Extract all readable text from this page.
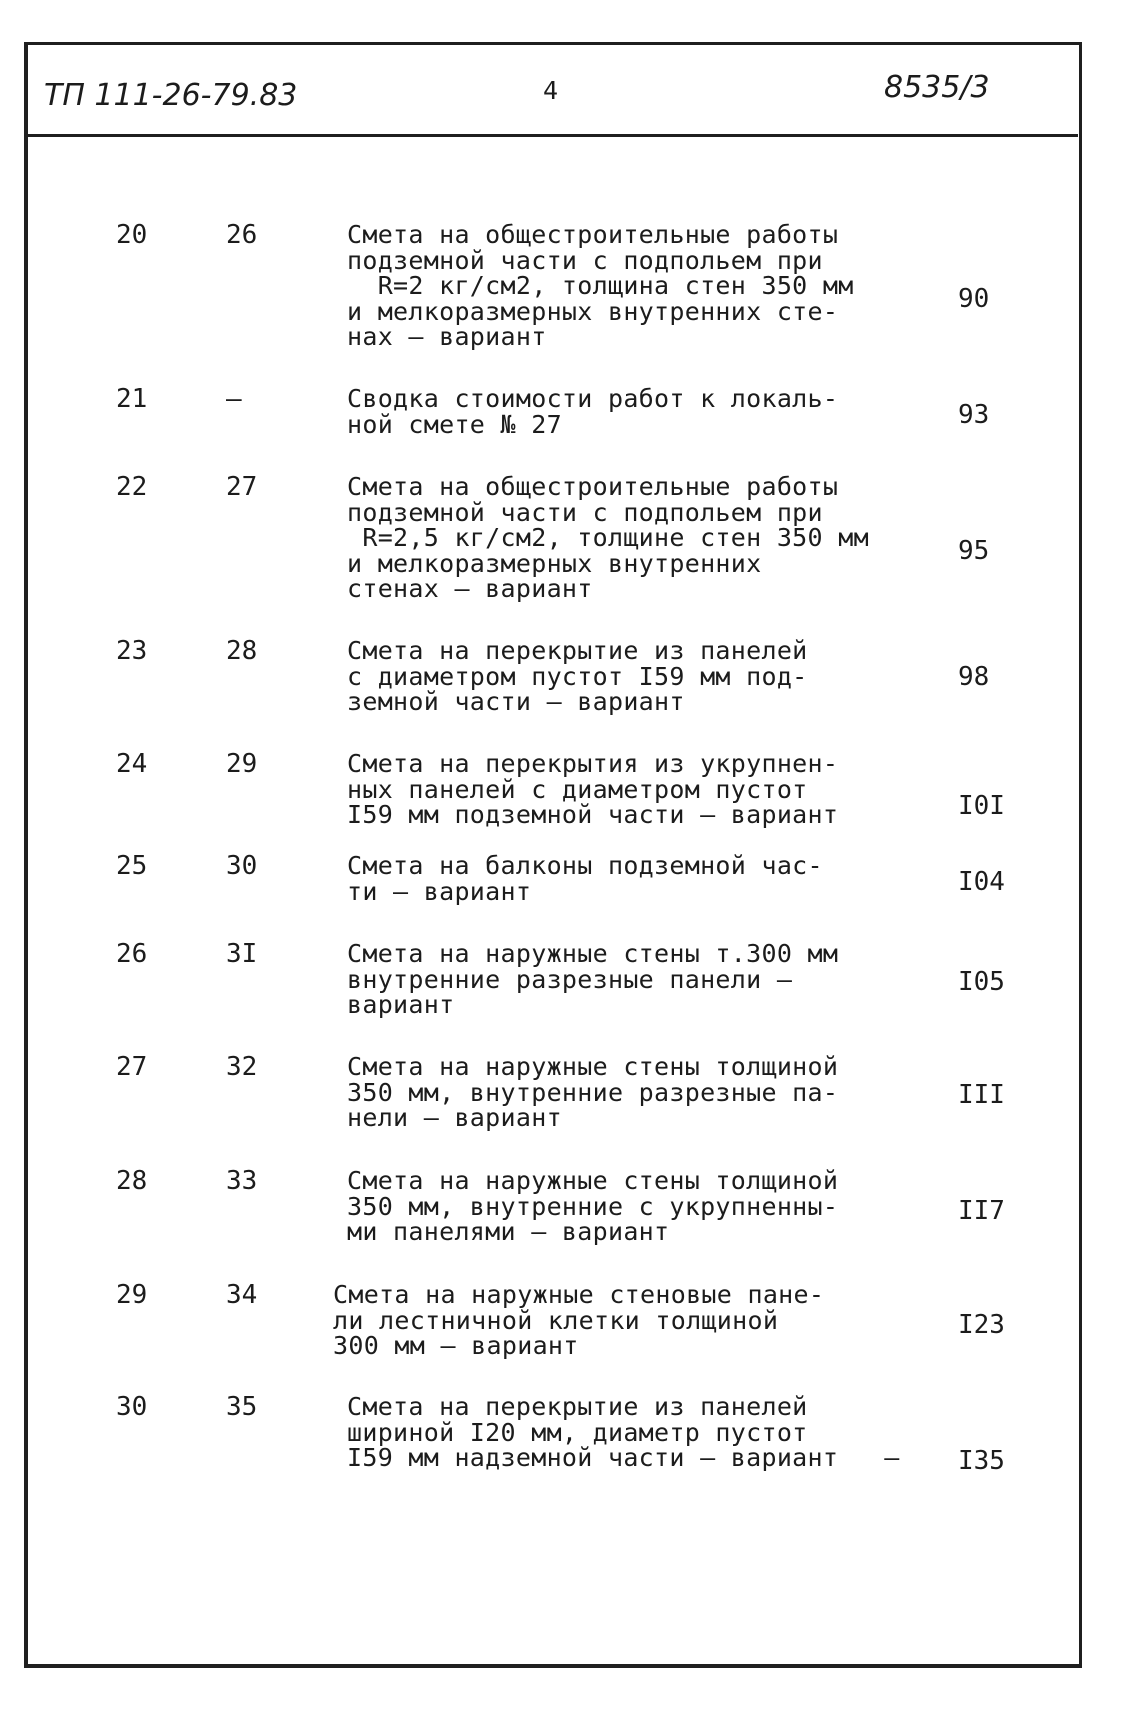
ТП 111-26-79.83	4	8535/3
20	26	Смета на общестроительные работы
подземной части с подпольем при
R=2 кг/см2, толщина стен 350 мм
и мелкоразмерных внутренних сте-
нах – вариант
90
21	–	Сводка стоимости работ к локаль-
ной смете № 27	93
22	27	Смета на общестроительные работы
подземной части с подпольем при
R=2,5 кг/см2, толщине стен 350 мм
и мелкоразмерных внутренних
стенах – вариант
95
23	28	Смета на перекрытие из панелей
с диаметром пустот I59 мм под-
земной части – вариант
98
24	29	Смета на перекрытия из укрупнен-
ных панелей с диаметром пустот
I59 мм подземной части – вариант	I0I
25	30	Смета на балконы подземной час-
ти – вариант	I04
26	3I	Смета на наружные стены т.300 мм
внутренние разрезные панели –
вариант
I05
27	32	Смета на наружные стены толщиной
350 мм, внутренние разрезные па-
нели – вариант
III
28	33	Смета на наружные стены толщиной
350 мм, внутренние с укрупненны-
ми панелями – вариант
II7
29	34	Смета на наружные стеновые пане-
ли лестничной клетки толщиной
300 мм – вариант
I23
30	35	Смета на перекрытие из панелей
шириной I20 мм, диаметр пустот
I59 мм надземной части – вариант   – I35
